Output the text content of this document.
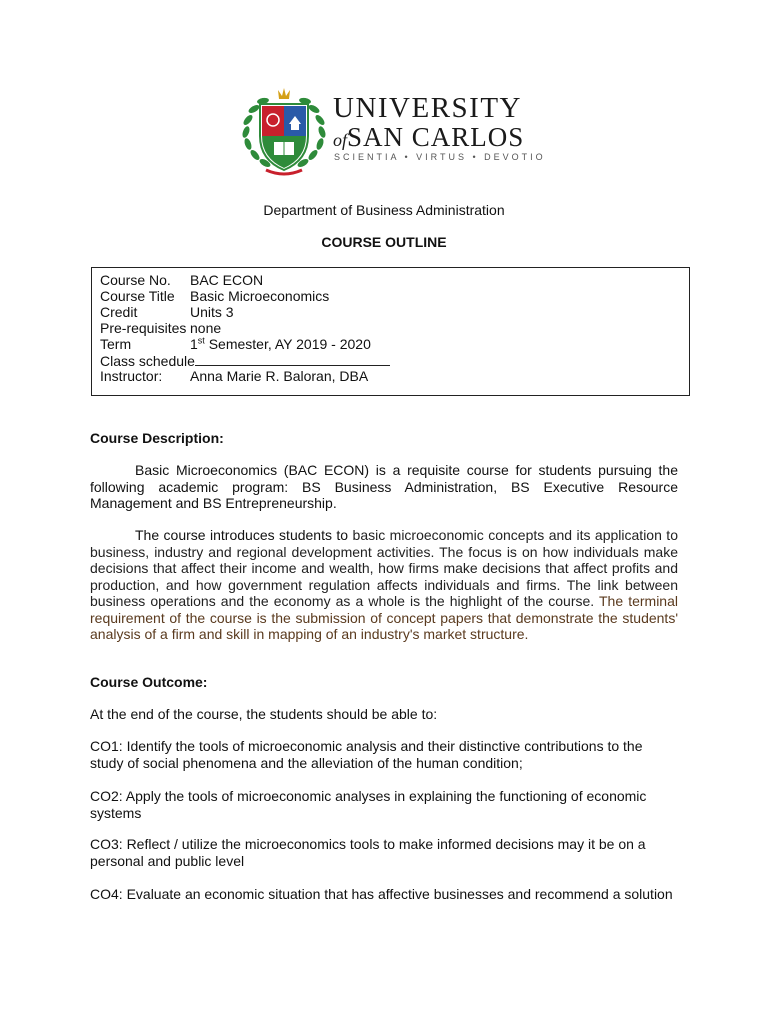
UNIVERSITY
ofSAN CARLOS
SCIENTIA • VIRTUS • DEVOTIO
Department of Business Administration
COURSE OUTLINE
Course No. BAC ECON
Course Title Basic Microeconomics
Credit	Units 3
Pre-requisites none
Term	1st Semester, AY 2019 - 2020
Class schedule
Instructor: Anna Marie R. Baloran, DBA
Course Description:
Basic Microeconomics (BAC ECON) is a requisite course for students pursuing the following academic program: BS Business Administration, BS Executive Resource Management and BS Entrepreneurship.
The course introduces students to basic microeconomic concepts and its application to business, industry and regional development activities. The focus is on how individuals make decisions that affect their income and wealth, how firms make decisions that affect profits and production, and how government regulation affects individuals and firms. The link between business operations and the economy as a whole is the highlight of the course. The terminal requirement of the course is the submission of concept papers that demonstrate the students' analysis of a firm and skill in mapping of an industry's market structure.
Course Outcome:
At the end of the course, the students should be able to:
CO1: Identify the tools of microeconomic analysis and their distinctive contributions to the study of social phenomena and the alleviation of the human condition;
CO2: Apply the tools of microeconomic analyses in explaining the functioning of economic systems
CO3: Reflect / utilize the microeconomics tools to make informed decisions may it be on a personal and public level
CO4: Evaluate an economic situation that has affective businesses and recommend a solution
